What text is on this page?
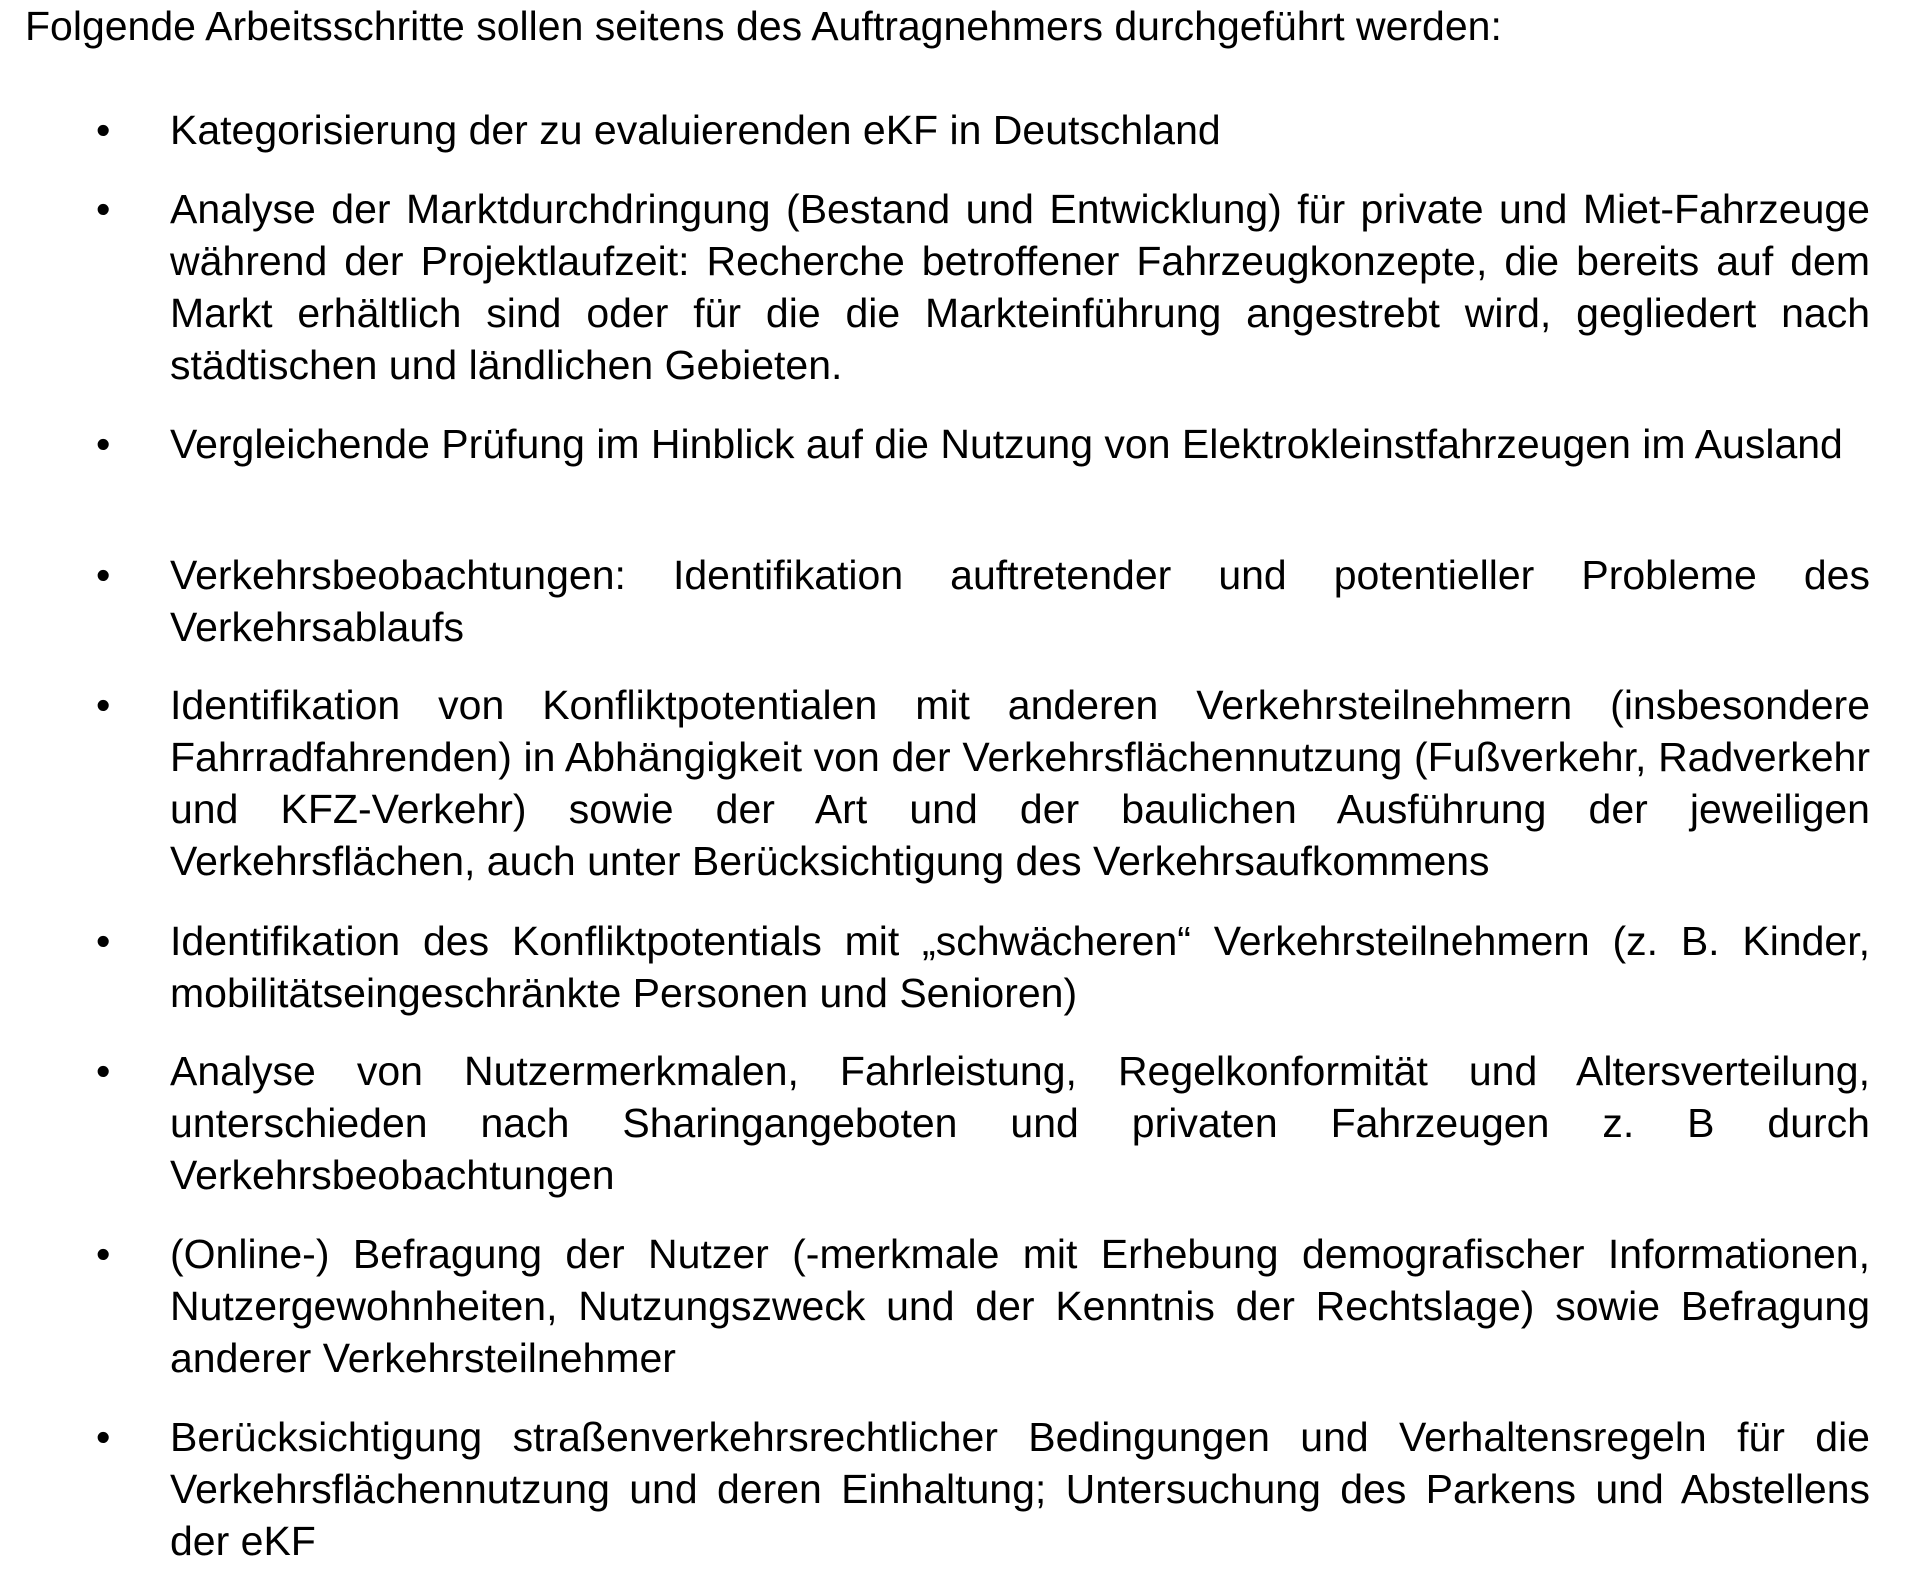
Folgende Arbeitsschritte sollen seitens des Auftragnehmers durchgeführt werden:

•	Kategorisierung der zu evaluierenden eKF in Deutschland

•	Analyse der Marktdurchdringung (Bestand und Entwicklung) für private und Miet-Fahrzeuge während der Projektlaufzeit: Recherche betroffener Fahrzeugkonzepte, die bereits auf dem Markt erhältlich sind oder für die die Markteinführung angestrebt wird, gegliedert nach städtischen und ländlichen Gebieten.

•	Vergleichende Prüfung im Hinblick auf die Nutzung von Elektrokleinstfahrzeugen im Ausland

•	Verkehrsbeobachtungen: Identifikation auftretender und potentieller Probleme des Verkehrsablaufs

•	Identifikation von Konfliktpotentialen mit anderen Verkehrsteilnehmern (insbesondere Fahrradfahrenden) in Abhängigkeit von der Verkehrsflächennutzung (Fußverkehr, Radverkehr und KFZ-Verkehr) sowie der Art und der baulichen Ausführung der jeweiligen Verkehrsflächen, auch unter Berücksichtigung des Verkehrsaufkommens

•	Identifikation des Konfliktpotentials mit „schwächeren“ Verkehrsteilnehmern (z. B. Kinder, mobilitätseingeschränkte Personen und Senioren)

•	Analyse von Nutzermerkmalen, Fahrleistung, Regelkonformität und Altersverteilung, unterschieden nach Sharingangeboten und privaten Fahrzeugen z. B durch Verkehrsbeobachtungen

•	(Online-) Befragung der Nutzer (-merkmale mit Erhebung demografischer Informationen, Nutzergewohnheiten, Nutzungszweck und der Kenntnis der Rechtslage) sowie Befragung anderer Verkehrsteilnehmer

•	Berücksichtigung straßenverkehrsrechtlicher Bedingungen und Verhaltensregeln für die Verkehrsflächennutzung und deren Einhaltung; Untersuchung des Parkens und Abstellens der eKF
